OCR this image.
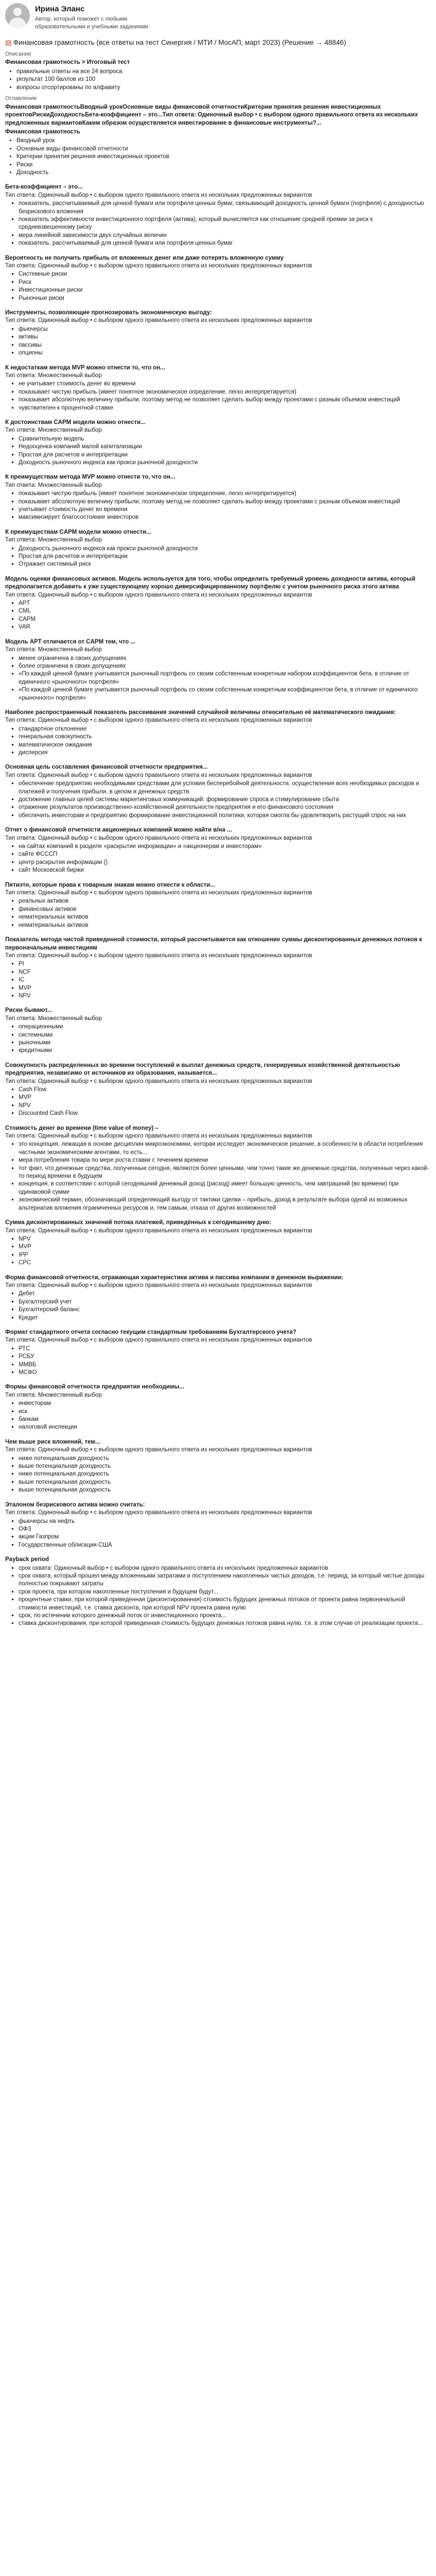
Ирина Эланс
Автор, который поможет с любыми образовательными и учебными заданиями
▤ Финансовая грамотность (все ответы на тест Синергия / МТИ / МосАП, март 2023) (Решение → 48846)
Описание
Финансовая грамотность > Итоговый тест
• правильные ответы на все 24 вопроса
• результат 100 баллов из 100
• вопросы отсортированы по алфавиту
Оглавление
Финансовая грамотностьВводный урокОсновные виды финансовой отчетностиКритерии принятия решения инвестиционных проектовРискиДоходностьБета-коэффициент – это...Тип ответа: Одиночный выбор • с выбором одного правильного ответа из нескольких предложенных вариантовКаким образом осуществляется инвестирование в финансовые инструменты?...
Финансовая грамотность
• Вводный урок
• Основные виды финансовой отчетности
• Критерии принятия решения инвестиционных проектов
• Риски
• Доходность
Бета-коэффициент – это...
Тип ответа: Одиночный выбор • с выбором одного правильного ответа из нескольких предложенных вариантов
▪ показатель, рассчитываемый для ценной бумаги или портфеля ценных бумаг, связывающий доходность ценной бумаги (портфеля) с доходностью безрискового вложения
▪ показатель эффективности инвестиционного портфеля (актива), который вычисляется как отношение средней премии за риск к средневзвешенному риску
▪ мера линейной зависимости двух случайных величин
▪ показатель, рассчитываемый для ценной бумаги или портфеля ценных бумаг
Вероятность не получить прибыль от вложенных денег или даже потерять вложенную сумму
Тип ответа: Одиночный выбор • с выбором одного правильного ответа из нескольких предложенных вариантов
▪ Системные риски
▪ Риск
▪ Инвестиционные риски
▪ Рыночные риски
Инструменты, позволяющие прогнозировать экономическую выгоду:
Тип ответа: Одиночный выбор • с выбором одного правильного ответа из нескольких предложенных вариантов
▪ фьючерсы
▪ активы
▪ пассивы
▪ опционы
К недостаткам метода MVP можно отнести то, что он...
Тип ответа: Множественный выбор
▪ не учитывает стоимость денег во времени
▪ показывает чистую прибыль (имеет понятное экономическое определение, легко интерпретируется)
▪ показывает абсолютную величину прибыли, поэтому метод не позволяет сделать выбор между проектами с разным объемом инвестиций
▪ чувствителен к процентной ставке
К достоинствам CAPM модели можно отнести...
Тип ответа: Множественный выбор
▪ Сравнительную модель
▪ Недооценка компаний малой капитализации
▪ Простая для расчетов и интерпретации
▪ Доходность рыночного индекса как прокси рыночной доходности
К преимуществам метода MVP можно отнести то, что он...
Тип ответа: Множественный выбор
▪ показывает чистую прибыль (имеет понятное экономическое определение, легко интерпретируется)
▪ показывает абсолютную величину прибыли, поэтому метод не позволяет сделать выбор между проектами с разным объемом инвестиций
▪ учитывает стоимость денег во времени
▪ максимизирует благосостояние инвесторов
К преимуществам CAPM модели можно отнести...
Тип ответа: Множественный выбор
▪ Доходность рыночного индекса как прокси рыночной доходности
▪ Простая для расчетов и интерпретации
▪ Отражает системный риск
Модель оценки финансовых активов. Модель используется для того, чтобы определить требуемый уровень доходности актива, который предполагается добавить к уже существующему хорошо диверсифицированному портфелю с учетом рыночного риска этого актива
Тип ответа: Одиночный выбор • с выбором одного правильного ответа из нескольких предложенных вариантов
▪ APT
▪ CML
▪ CAPM
▪ VAR
Модель APT отличается от CAPM тем, что ...
Тип ответа: Множественный выбор
▪ менее ограничена в своих допущениях
▪ более ограничена в своих допущениях
▪ «По каждой ценной бумаге учитывается рыночный портфель со своим собственным конкретным набором коэффициентов бета, в отличие от единичного «рыночного» портфеля»
▪ «По каждой ценной бумаге учитывается рыночный портфель со своим собственным конкретным коэффициентом бета, в отличие от единичного «рыночного» портфеля»
Наиболее распространенный показатель рассеивания значений случайной величины относительно её математического ожидания:
Тип ответа: Одиночный выбор • с выбором одного правильного ответа из нескольких предложенных вариантов
▪ стандартное отклонение
▪ генеральная совокупность
▪ математическое ожидание
▪ дисперсия
Основная цель составления финансовой отчетности предприятия...
Тип ответа: Одиночный выбор • с выбором одного правильного ответа из нескольких предложенных вариантов
▪ обеспечение предприятию необходимыми средствами для условия бесперебойной деятельности, осуществления всех необходимых расходов и платежей и получения прибыли, в целом и денежных средств
▪ достижение главных целей системы маркетинговых коммуникаций: формирование спроса и стимулирование сбыта
▪ отражение результатов производственно-хозяйственной деятельности предприятия и его финансового состояния
▪ обеспечить инвесторам и предприятию формирование инвестиционной политики, которая смогла бы удовлетворить растущий спрос на них
Отчет о финансовой отчетности акционерных компаний можно найти в/на ...
Тип ответа: Одиночный выбор • с выбором одного правильного ответа из нескольких предложенных вариантов
▪ на сайтах компаний в разделе «раскрытие информации» и «акционерам и инвесторам»
▪ сайте ФСССП
▪ центр раскрытия информации ()
▪ сайт Московской биржи
Пятиэтн, которые права к товарным знакам можно отнести к области...
Тип ответа: Одиночный выбор • с выбором одного правильного ответа из нескольких предложенных вариантов
▪ реальных активов
▪ финансовых активов
▪ нематериальных активов
▪ нематериальных активов
Показатель метода чистой приведенной стоимости, который рассчитывается как отношение суммы дисконтированных денежных потоков к первоначальным инвестициям
Тип ответа: Одиночный выбор • с выбором одного правильного ответа из нескольких предложенных вариантов
▪ PI
▪ NCF
▪ IC
▪ MVP
▪ NPV
Риски бывают...
Тип ответа: Множественный выбор
▪ операционными
▪ системными
▪ рыночными
▪ кредитными
Совокупность распределенных во времени поступлений и выплат денежных средств, генерируемых хозяйственной деятельностью предприятия, независимо от источников их образования, называется...
Тип ответа: Одиночный выбор • с выбором одного правильного ответа из нескольких предложенных вариантов
▪ Cash Flow
▪ MVP
▪ NPV
▪ Discounted Cash Flow
Стоимость денег во времени (time value of money) –
Тип ответа: Одиночный выбор • с выбором одного правильного ответа из нескольких предложенных вариантов
▪ это концепция, лежащая в основе дисциплин микроэкономики, которая исследует экономическое решение, в особенности в области потребления частными экономическими агентами, то есть...
▪ мера потребления товара по мере роста ставки с течением времени
▪ тот факт, что денежные средства, полученные сегодня, являются более ценными, чем точно такие же денежные средства, полученные через какой-то период времени в будущем
▪ концепция, в соответствии с которой сегодняшний денежный доход (расход) имеет большую ценность, чем завтрашний (во времени) при одинаковой сумме
▪ экономический термин, обозначающий определяющий выгоду от тактики сделки – прибыль, доход в результате выбора одной из возможных альтернатив вложения ограниченных ресурсов и, тем самым, отказа от других возможностей
Сумма дисконтированных значений потока платежей, приведённых к сегодняшнему дню:
Тип ответа: Одиночный выбор • с выбором одного правильного ответа из нескольких предложенных вариантов
▪ NPV
▪ MVP
▪ IPP
▪ CPC
Форма финансовой отчетности, отражающая характеристики актива и пассива компании в денежном выражении:
Тип ответа: Одиночный выбор • с выбором одного правильного ответа из нескольких предложенных вариантов
▪ Дебет
▪ Бухгалтерский учет
▪ Бухгалтерский баланс
▪ Кредит
Формат стандартного отчета согласно текущим стандартным требованиям Бухгалтерского учета?
Тип ответа: Одиночный выбор • с выбором одного правильного ответа из нескольких предложенных вариантов
▪ РТС
▪ РСБУ
▪ ММВБ
▪ МСФО
Формы финансовой отчетности предприятия необходимы...
Тип ответа: Множественный выбор
▪ инвесторам
▪ иск
▪ банкам
▪ налоговой инспекции
Чем выше риск вложений, тем...
Тип ответа: Одиночный выбор • с выбором одного правильного ответа из нескольких предложенных вариантов
▪ ниже потенциальная доходность
▪ выше потенциальная доходность
▪ ниже потенциальная доходность
▪ выше потенциальная доходность
▪ выше потенциальная доходность
Эталоном безрискового актива можно считать:
Тип ответа: Одиночный выбор • с выбором одного правильного ответа из нескольких предложенных вариантов
▪ фьючерсы на нефть
▪ ОФЗ
▪ акции Газпром
▪ Государственные облигации США
Payback period
▪ срок охвата: Одиночный выбор • с выбором одного правильного ответа из нескольких предложенных вариантов
▪ срок охвата, который прошел между вложенными затратами и поступлением накопленных чистых доходов, т.е. период, за который чистые доходы полностью покрывают затраты
▪ срок проекта, при котором накопленные поступления и будущем будут...
▪ процентные ставки, при которой приведенная (дисконтированная) стоимость будущих денежных потоков от проекта равна первоначальной стоимости инвестиций, т.е. ставка дисконта, при которой NPV проекта равна нулю
▪ срок, по истечении которого денежный поток от инвестиционного проекта...
▪ ставка дисконтирования, при которой приведенная стоимость будущих денежных потоков равна нулю, т.е. в этом случае от реализации проекта...
